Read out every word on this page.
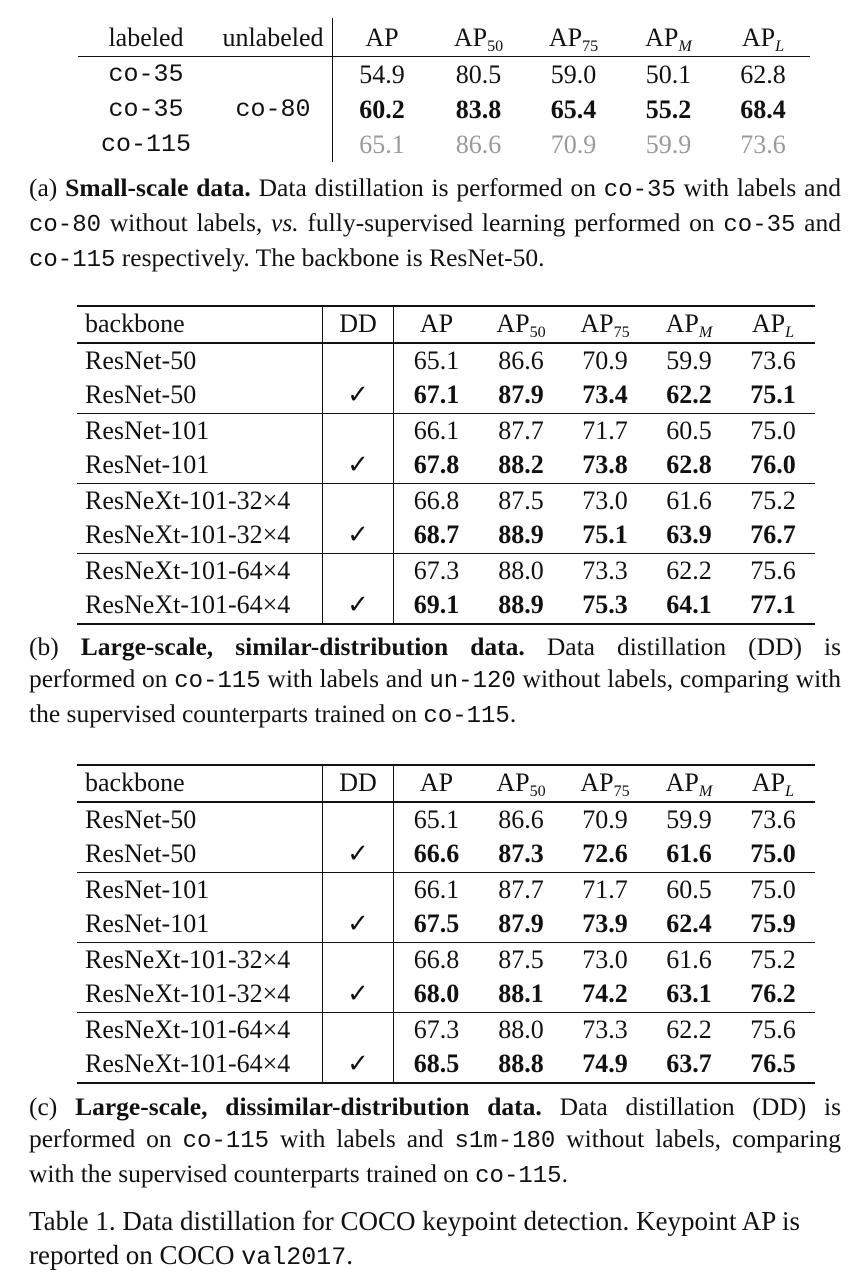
labeled	unlabeled	AP	$AP_{50}$	$AP_{75}$	$AP_M$	$AP_L$
co-35		54.9	80.5	59.0	50.1	62.8
co-35	co-80	60.2	83.8	65.4	55.2	68.4
co-115		65.1	86.6	70.9	59.9	73.6
(a) Small-scale data. Data distillation is performed on co-35 with labels and co-80 without labels, vs. fully-supervised learning performed on co-35 and co-115 respectively. The backbone is ResNet-50.
backbone	DD	AP	$AP_{50}$	$AP_{75}$	$AP_M$	$AP_L$
ResNet-50		65.1	86.6	70.9	59.9	73.6
ResNet-50	✓	67.1	87.9	73.4	62.2	75.1
ResNet-101		66.1	87.7	71.7	60.5	75.0
ResNet-101	✓	67.8	88.2	73.8	62.8	76.0
ResNeXt-101-32×4		66.8	87.5	73.0	61.6	75.2
ResNeXt-101-32×4	✓	68.7	88.9	75.1	63.9	76.7
ResNeXt-101-64×4		67.3	88.0	73.3	62.2	75.6
ResNeXt-101-64×4	✓	69.1	88.9	75.3	64.1	77.1
(b) Large-scale, similar-distribution data. Data distillation (DD) is performed on co-115 with labels and un-120 without labels, comparing with the supervised counterparts trained on co-115.
backbone	DD	AP	$AP_{50}$	$AP_{75}$	$AP_M$	$AP_L$
ResNet-50		65.1	86.6	70.9	59.9	73.6
ResNet-50	✓	66.6	87.3	72.6	61.6	75.0
ResNet-101		66.1	87.7	71.7	60.5	75.0
ResNet-101	✓	67.5	87.9	73.9	62.4	75.9
ResNeXt-101-32×4		66.8	87.5	73.0	61.6	75.2
ResNeXt-101-32×4	✓	68.0	88.1	74.2	63.1	76.2
ResNeXt-101-64×4		67.3	88.0	73.3	62.2	75.6
ResNeXt-101-64×4	✓	68.5	88.8	74.9	63.7	76.5
(c) Large-scale, dissimilar-distribution data. Data distillation (DD) is performed on co-115 with labels and s1m-180 without labels, comparing with the supervised counterparts trained on co-115.
Table 1. Data distillation for COCO keypoint detection. Keypoint AP is reported on COCO val2017.
